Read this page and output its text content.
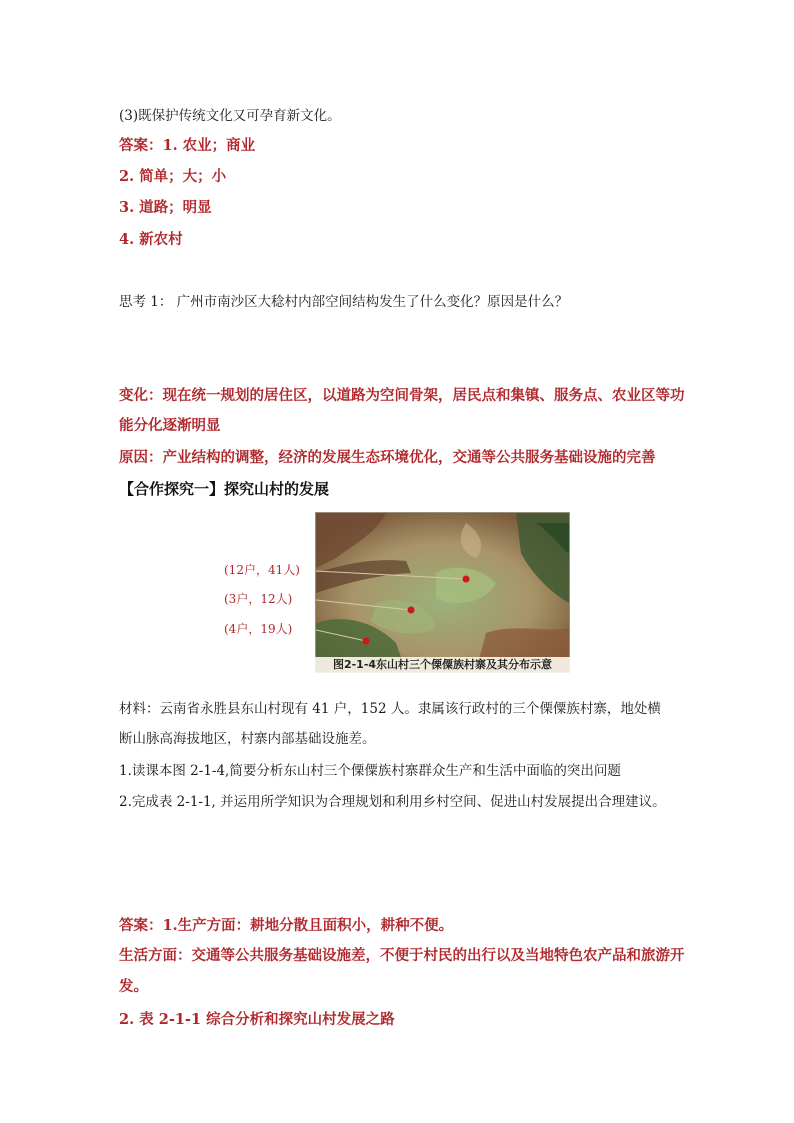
(3)既保护传统文化又可孕育新文化。
答案：1. 农业；商业
2. 简单；大；小
3. 道路；明显
4. 新农村
思考 1： 广州市南沙区大稔村内部空间结构发生了什么变化？原因是什么？
变化：现在统一规划的居住区，以道路为空间骨架，居民点和集镇、服务点、农业区等功
能分化逐渐明显
原因：产业结构的调整，经济的发展生态环境优化，交通等公共服务基础设施的完善
【合作探究一】探究山村的发展
(12户，41人)
(3户，12人)
(4户，19人)
图2-1-4东山村三个傈僳族村寨及其分布示意
材料：云南省永胜县东山村现有 41 户，152 人。隶属该行政村的三个傈僳族村寨，地处横
断山脉高海拔地区，村寨内部基础设施差。
1.读课本图 2-1-4,简要分析东山村三个傈僳族村寨群众生产和生活中面临的突出问题
2.完成表 2-1-1, 并运用所学知识为合理规划和利用乡村空间、促进山村发展提出合理建议。
答案：1.生产方面：耕地分散且面积小，耕种不便。
生活方面：交通等公共服务基础设施差，不便于村民的出行以及当地特色农产品和旅游开
发。
2. 表 2-1-1 综合分析和探究山村发展之路
